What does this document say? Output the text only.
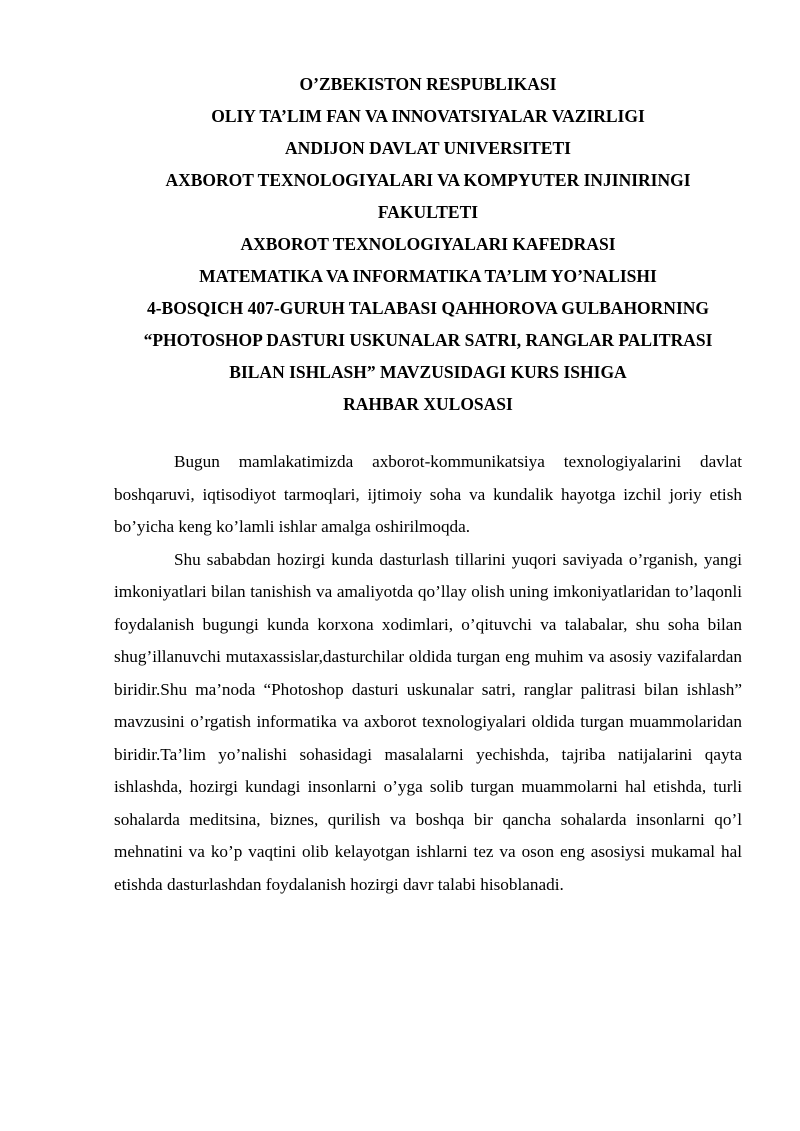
O’ZBEKISTON RESPUBLIKASI
OLIY TA’LIM FAN VA INNOVATSIYALAR VAZIRLIGI
ANDIJON DAVLAT UNIVERSITETI
AXBOROT TEXNOLOGIYALARI VA KOMPYUTER INJINIRINGI
FAKULTETI
AXBOROT TEXNOLOGIYALARI KAFEDRASI
MATEMATIKA VA INFORMATIKA TA’LIM YO’NALISHI
4-BOSQICH 407-GURUH TALABASI QAHHOROVA GULBAHORNING
“PHOTOSHOP DASTURI USKUNALAR SATRI, RANGLAR PALITRASI
BILAN ISHLASH” MAVZUSIDAGI KURS ISHIGA
RAHBAR XULOSASI

Bugun mamlakatimizda axborot-kommunikatsiya texnologiyalarini davlat boshqaruvi, iqtisodiyot tarmoqlari, ijtimoiy soha va kundalik hayotga izchil joriy etish bo’yicha keng ko’lamli ishlar amalga oshirilmoqda.

Shu sababdan hozirgi kunda dasturlash tillarini yuqori saviyada o’rganish, yangi imkoniyatlari bilan tanishish va amaliyotda qo’llay olish uning imkoniyatlaridan to’laqonli foydalanish bugungi kunda korxona xodimlari, o’qituvchi va talabalar, shu soha bilan shug’illanuvchi mutaxassislar,dasturchilar oldida turgan eng muhim va asosiy vazifalardan biridir.Shu ma’noda “Photoshop dasturi uskunalar satri, ranglar palitrasi bilan ishlash” mavzusini o’rgatish informatika va axborot texnologiyalari oldida turgan muammolaridan biridir.Ta’lim yo’nalishi sohasidagi masalalarni yechishda, tajriba natijalarini qayta ishlashda, hozirgi kundagi insonlarni o’yga solib turgan muammolarni hal etishda, turli sohalarda meditsina, biznes, qurilish va boshqa bir qancha sohalarda insonlarni qo’l mehnatini va ko’p vaqtini olib kelayotgan ishlarni tez va oson eng asosiysi mukamal hal etishda dasturlashdan foydalanish hozirgi davr talabi hisoblanadi.
